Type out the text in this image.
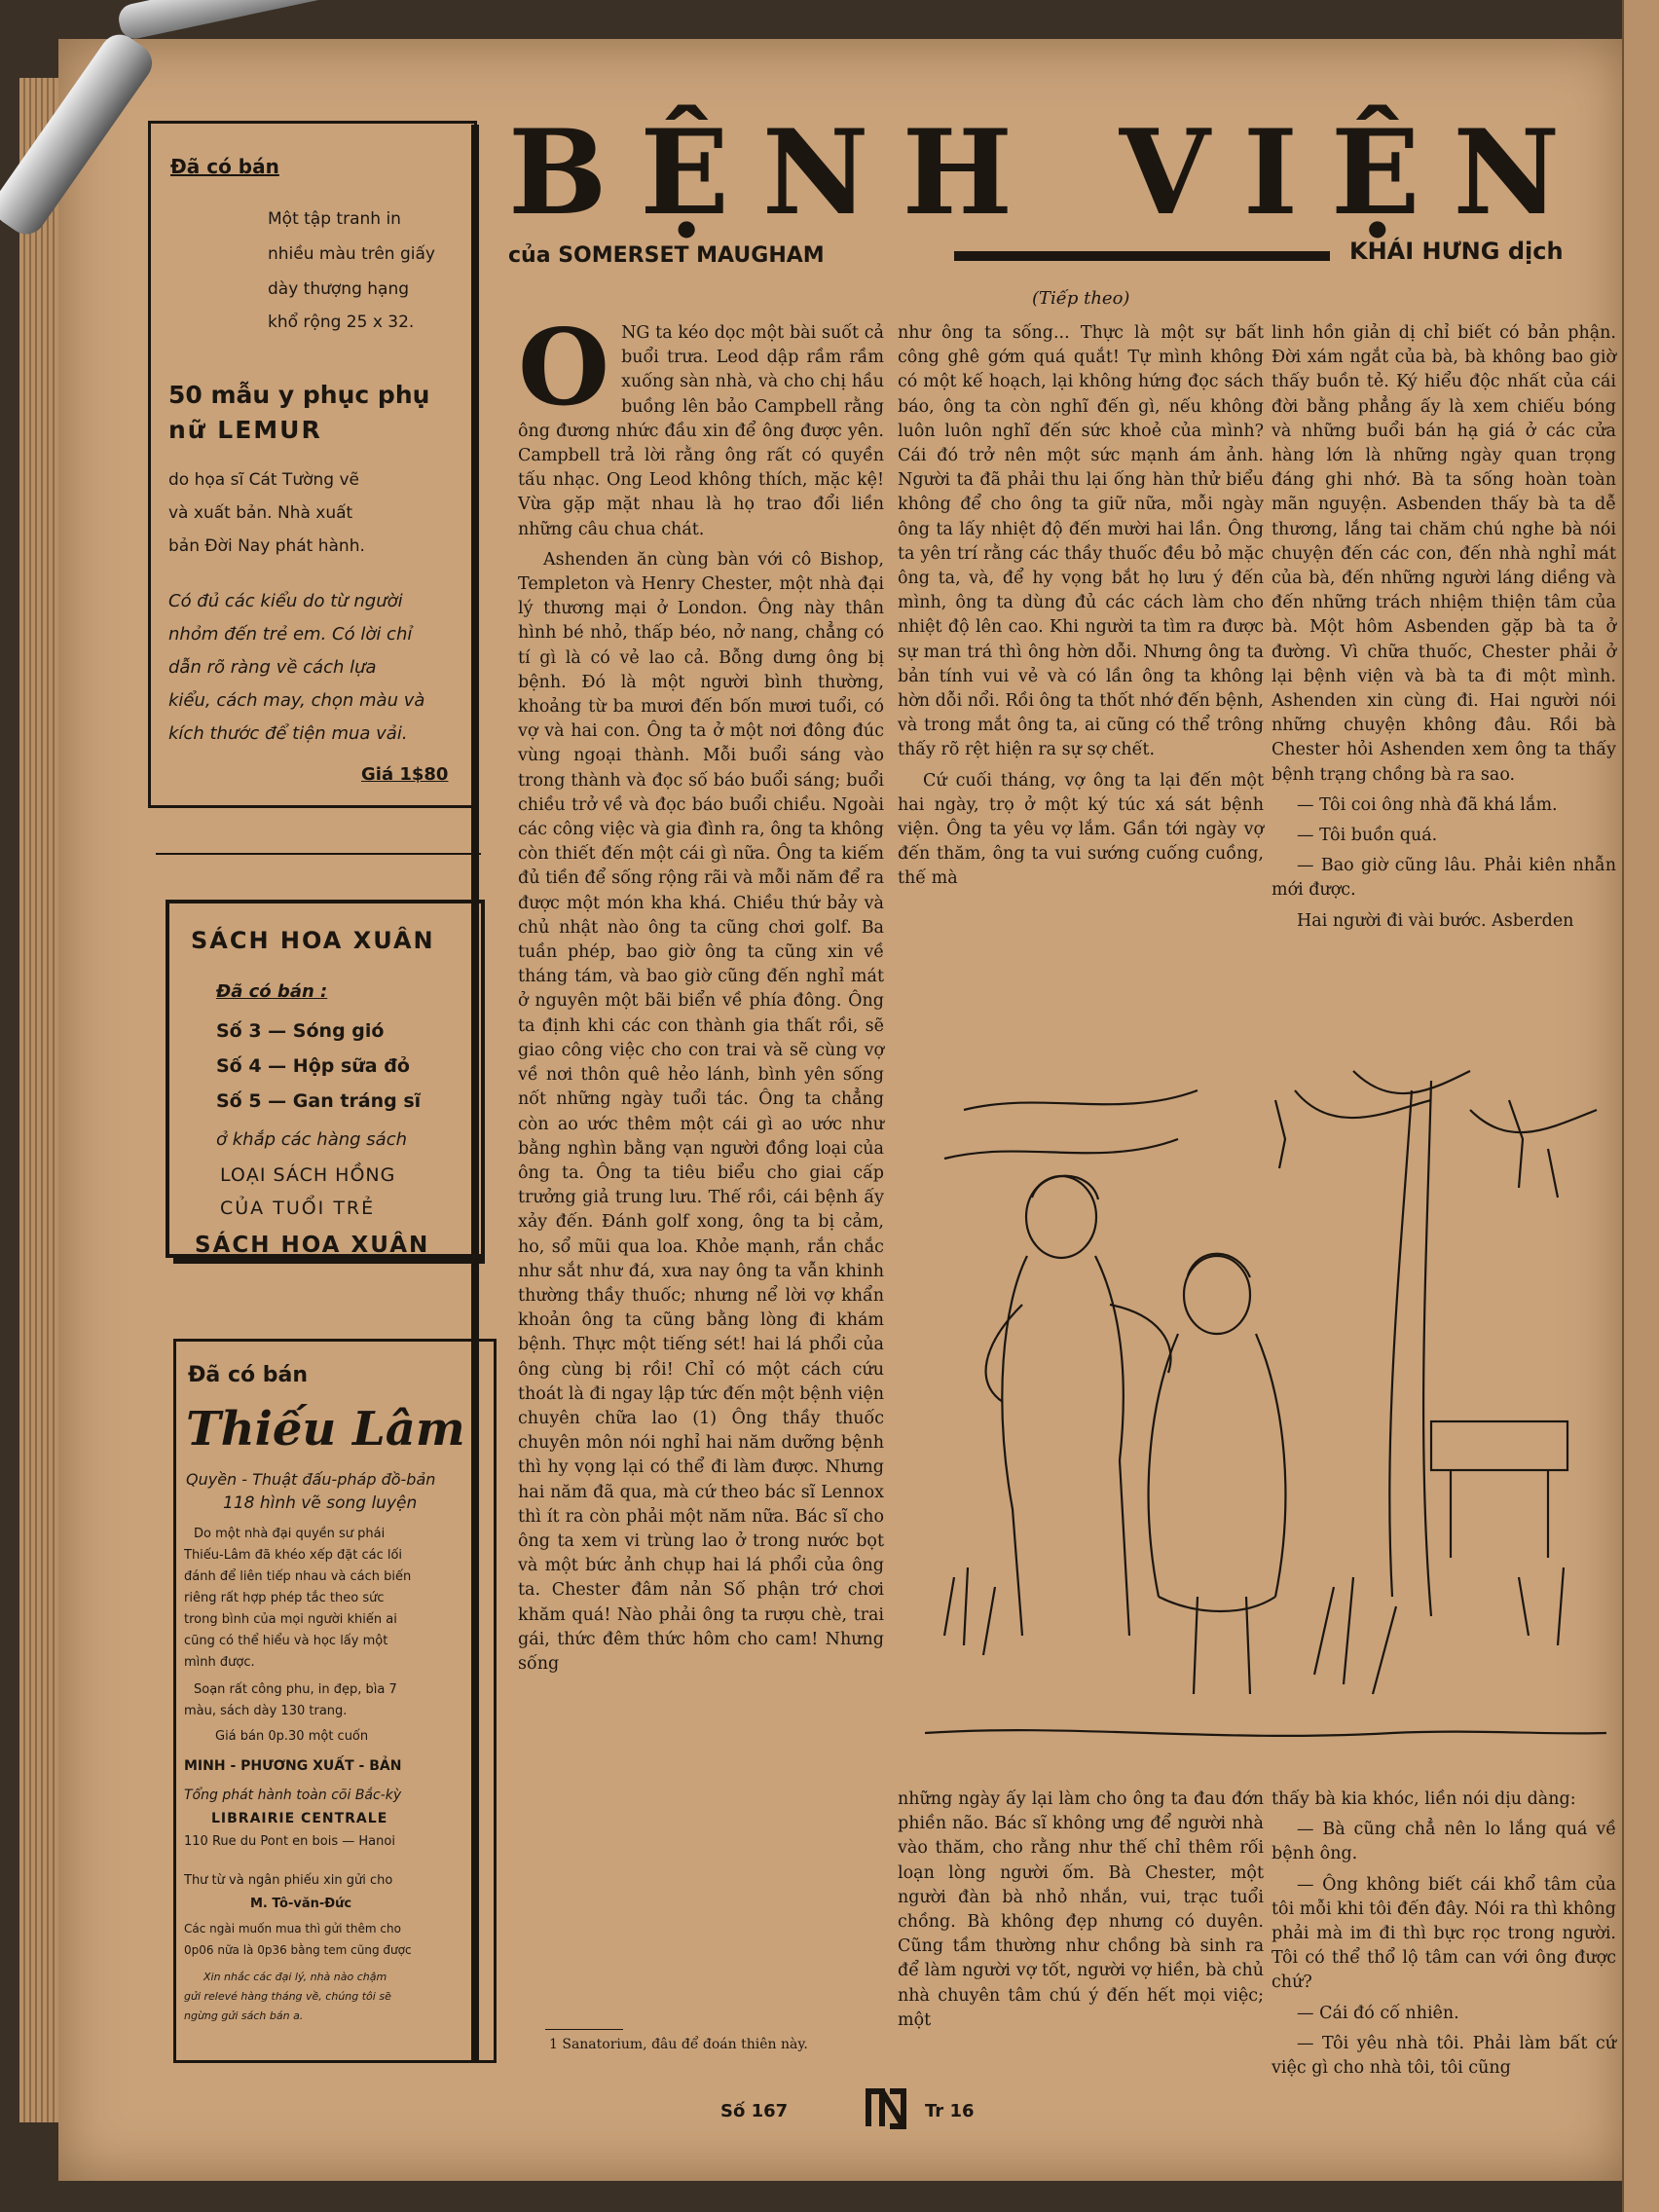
Đã có bán
Một tập tranh in
nhiều màu trên giấy
dày thượng hạng
khổ rộng 25 x 32.
50 mẫu y phục phụ
nữ LEMUR
do họa sĩ Cát Tường vẽ
và xuất bản. Nhà xuất
bản Đời Nay phát hành.
Có đủ các kiểu do từ người
nhỏm đến trẻ em. Có lời chỉ
dẫn rõ ràng về cách lựa
kiểu, cách may, chọn màu và
kích thước để tiện mua vải.
Giá 1$80
SÁCH HOA XUÂN
Đã có bán :
Số 3 — Sóng gió
Số 4 — Hộp sữa đỏ
Số 5 — Gan tráng sĩ
ở khắp các hàng sách
LOẠI SÁCH HỒNG
CỦA TUỔI TRẺ
SÁCH HOA XUÂN
Đã có bán
Thiếu Lâm
Quyền - Thuật đấu-pháp đồ-bản
118 hình vẽ song luyện
Do một nhà đại quyền sư phái
Thiếu-Lâm đã khéo xếp đặt các lối
đánh để liên tiếp nhau và cách biến
riêng rất hợp phép tắc theo sức
trong bình của mọi người khiến ai
cũng có thể hiểu và học lấy một
mình được.
Soạn rất công phu, in đẹp, bìa 7
màu, sách dày 130 trang.
Giá bán 0p.30 một cuốn
MINH - PHƯƠNG XUẤT - BẢN
Tổng phát hành toàn cõi Bắc-kỳ
LIBRAIRIE CENTRALE
110 Rue du Pont en bois — Hanoi
Thư từ và ngân phiếu xin gửi cho
M. Tô-văn-Đức
Các ngài muốn mua thì gửi thêm cho
0p06 nữa là 0p36 bằng tem cũng được
Xin nhắc các đại lý, nhà nào chậm
gửi relevé hàng tháng về, chúng tôi sẽ
ngừng gửi sách bán a.
BỆNH VIỆN
của SOMERSET MAUGHAM	KHÁI HƯNG dịch
(Tiếp theo)
O NG ta kéo dọc một bài suốt cả buổi trưa. Leod dập rầm rầm xuống sàn nhà, và cho chị hầu buồng lên bảo Campbell rằng ông đương nhức đầu xin để ông được yên. Campbell trả lời rằng ông rất có quyền tấu nhạc. Ong Leod không thích, mặc kệ! Vừa gặp mặt nhau là họ trao đổi liền những câu chua chát.

Ashenden ăn cùng bàn với cô Bishop, Templeton và Henry Chester, một nhà đại lý thương mại ở London. Ông này thân hình bé nhỏ, thấp béo, nở nang, chẳng có tí gì là có vẻ lao cả. Bỗng dưng ông bị bệnh. Đó là một người bình thường, khoảng từ ba mươi đến bốn mươi tuổi, có vợ và hai con. Ông ta ở một nơi đông đúc vùng ngoại thành. Mỗi buổi sáng vào trong thành và đọc số báo buổi sáng; buổi chiều trở về và đọc báo buổi chiều. Ngoài các công việc và gia đình ra, ông ta không còn thiết đến một cái gì nữa. Ông ta kiếm đủ tiền để sống rộng rãi và mỗi năm để ra được một món kha khá. Chiều thứ bảy và chủ nhật nào ông ta cũng chơi golf. Ba tuần phép, bao giờ ông ta cũng xin về tháng tám, và bao giờ cũng đến nghỉ mát ở nguyên một bãi biển về phía đông. Ông ta định khi các con thành gia thất rồi, sẽ giao công việc cho con trai và sẽ cùng vợ về nơi thôn quê hẻo lánh, bình yên sống nốt những ngày tuổi tác. Ông ta chẳng còn ao ước thêm một cái gì ao ước như bằng nghìn bằng vạn người đồng loại của ông ta. Ông ta tiêu biểu cho giai cấp trưởng giả trung lưu. Thế rồi, cái bệnh ấy xảy đến. Đánh golf xong, ông ta bị cảm, ho, sổ mũi qua loa. Khỏe mạnh, rắn chắc như sắt như đá, xưa nay ông ta vẫn khinh thường thầy thuốc; nhưng nể lời vợ khẩn khoản ông ta cũng bằng lòng đi khám bệnh. Thực một tiếng sét! hai lá phổi của ông cùng bị rồi! Chỉ có một cách cứu thoát là đi ngay lập tức đến một bệnh viện chuyên chữa lao (1) Ông thầy thuốc chuyên môn nói nghỉ hai năm dưỡng bệnh thì hy vọng lại có thể đi làm được. Nhưng hai năm đã qua, mà cứ theo bác sĩ Lennox thì ít ra còn phải một năm nữa. Bác sĩ cho ông ta xem vi trùng lao ở trong nước bọt và một bức ảnh chụp hai lá phổi của ông ta. Chester đâm nản Số phận trớ chơi khăm quá! Nào phải ông ta rượu chè, trai gái, thức đêm thức hôm cho cam! Nhưng sống

như ông ta sống... Thực là một sự bất công ghê gớm quá quắt! Tự mình không có một kế hoạch, lại không hứng đọc sách báo, ông ta còn nghĩ đến gì, nếu không luôn luôn nghĩ đến sức khoẻ của mình? Cái đó trở nên một sức mạnh ám ảnh. Người ta đã phải thu lại ống hàn thử biểu không để cho ông ta giữ nữa, mỗi ngày ông ta lấy nhiệt độ đến mười hai lần. Ông ta yên trí rằng các thầy thuốc đều bỏ mặc ông ta, và, để hy vọng bắt họ lưu ý đến mình, ông ta dùng đủ các cách làm cho nhiệt độ lên cao. Khi người ta tìm ra được sự man trá thì ông hờn dỗi. Nhưng ông ta bản tính vui vẻ và có lần ông ta không hờn dỗi nổi. Rồi ông ta thốt nhớ đến bệnh, và trong mắt ông ta, ai cũng có thể trông thấy rõ rệt hiện ra sự sợ chết.

Cứ cuối tháng, vợ ông ta lại đến một hai ngày, trọ ở một ký túc xá sát bệnh viện. Ông ta yêu vợ lắm. Gần tới ngày vợ đến thăm, ông ta vui sướng cuống cuồng, thế mà

linh hồn giản dị chỉ biết có bản phận. Đời xám ngắt của bà, bà không bao giờ thấy buồn tẻ. Ký hiểu độc nhất của cái đời bằng phẳng ấy là xem chiếu bóng và những buổi bán hạ giá ở các cửa hàng lớn là những ngày quan trọng đáng ghi nhớ. Bà ta sống hoàn toàn mãn nguyện. Asbenden thấy bà ta dễ thương, lắng tai chăm chú nghe bà nói chuyện đến các con, đến nhà nghỉ mát của bà, đến những người láng diềng và đến những trách nhiệm thiện tâm của bà. Một hôm Asbenden gặp bà ta ở đường. Vì chữa thuốc, Chester phải ở lại bệnh viện và bà ta đi một mình. Ashenden xin cùng đi. Hai người nói những chuyện không đâu. Rồi bà Chester hỏi Ashenden xem ông ta thấy bệnh trạng chồng bà ra sao.

— Tôi coi ông nhà đã khá lắm.

— Tôi buồn quá.

— Bao giờ cũng lâu. Phải kiên nhẫn mới được.

Hai người đi vài bước. Asberden

những ngày ấy lại làm cho ông ta đau đớn phiền não. Bác sĩ không ưng để người nhà vào thăm, cho rằng như thế chỉ thêm rối loạn lòng người ốm. Bà Chester, một người đàn bà nhỏ nhắn, vui, trạc tuổi chồng. Bà không đẹp nhưng có duyên. Cũng tầm thường như chồng bà sinh ra để làm người vợ tốt, người vợ hiền, bà chủ nhà chuyên tâm chú ý đến hết mọi việc; một

thấy bà kia khóc, liền nói dịu dàng:

— Bà cũng chẳ nên lo lắng quá về bệnh ông.

— Ông không biết cái khổ tâm của tôi mỗi khi tôi đến đây. Nói ra thì không phải mà im đi thì bực rọc trong người. Tôi có thể thổ lộ tâm can với ông được chứ?

— Cái đó cố nhiên.

— Tôi yêu nhà tôi. Phải làm bất cứ việc gì cho nhà tôi, tôi cũng

1 Sanatorium, đâu để đoán thiên này.
Số 167	Tr 16
